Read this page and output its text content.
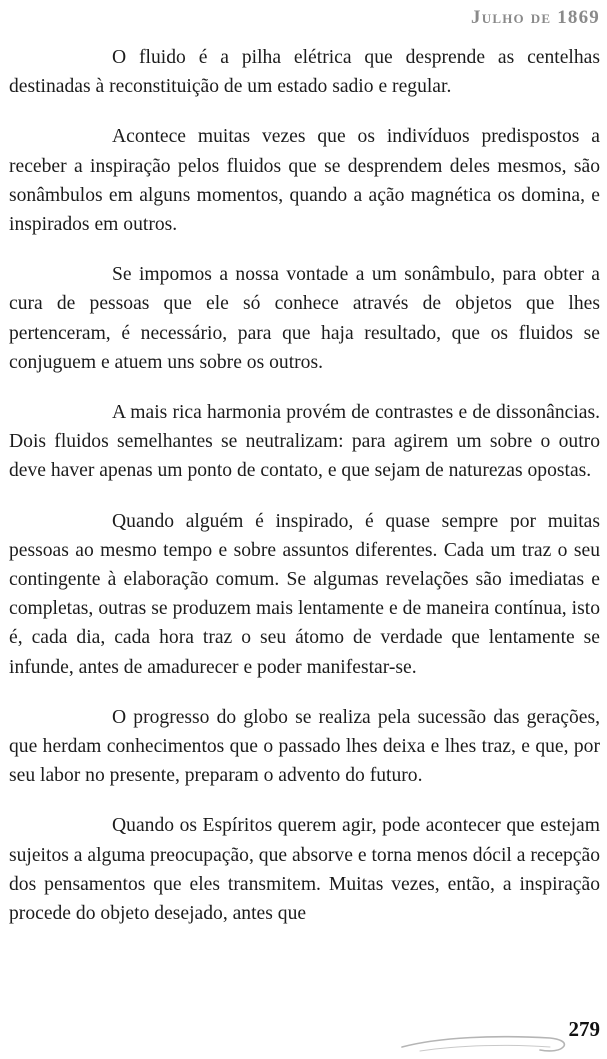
Julho de 1869

O fluido é a pilha elétrica que desprende as centelhas destinadas à reconstituição de um estado sadio e regular.

Acontece muitas vezes que os indivíduos predispostos a receber a inspiração pelos fluidos que se desprendem deles mesmos, são sonâmbulos em alguns momentos, quando a ação magnética os domina, e inspirados em outros.

Se impomos a nossa vontade a um sonâmbulo, para obter a cura de pessoas que ele só conhece através de objetos que lhes pertenceram, é necessário, para que haja resultado, que os fluidos se conjuguem e atuem uns sobre os outros.

A mais rica harmonia provém de contrastes e de dissonâncias. Dois fluidos semelhantes se neutralizam: para agirem um sobre o outro deve haver apenas um ponto de contato, e que sejam de naturezas opostas.

Quando alguém é inspirado, é quase sempre por muitas pessoas ao mesmo tempo e sobre assuntos diferentes. Cada um traz o seu contingente à elaboração comum. Se algumas revelações são imediatas e completas, outras se produzem mais lentamente e de maneira contínua, isto é, cada dia, cada hora traz o seu átomo de verdade que lentamente se infunde, antes de amadurecer e poder manifestar-se.

O progresso do globo se realiza pela sucessão das gerações, que herdam conhecimentos que o passado lhes deixa e lhes traz, e que, por seu labor no presente, preparam o advento do futuro.

Quando os Espíritos querem agir, pode acontecer que estejam sujeitos a alguma preocupação, que absorve e torna menos dócil a recepção dos pensamentos que eles transmitem. Muitas vezes, então, a inspiração procede do objeto desejado, antes que

279
